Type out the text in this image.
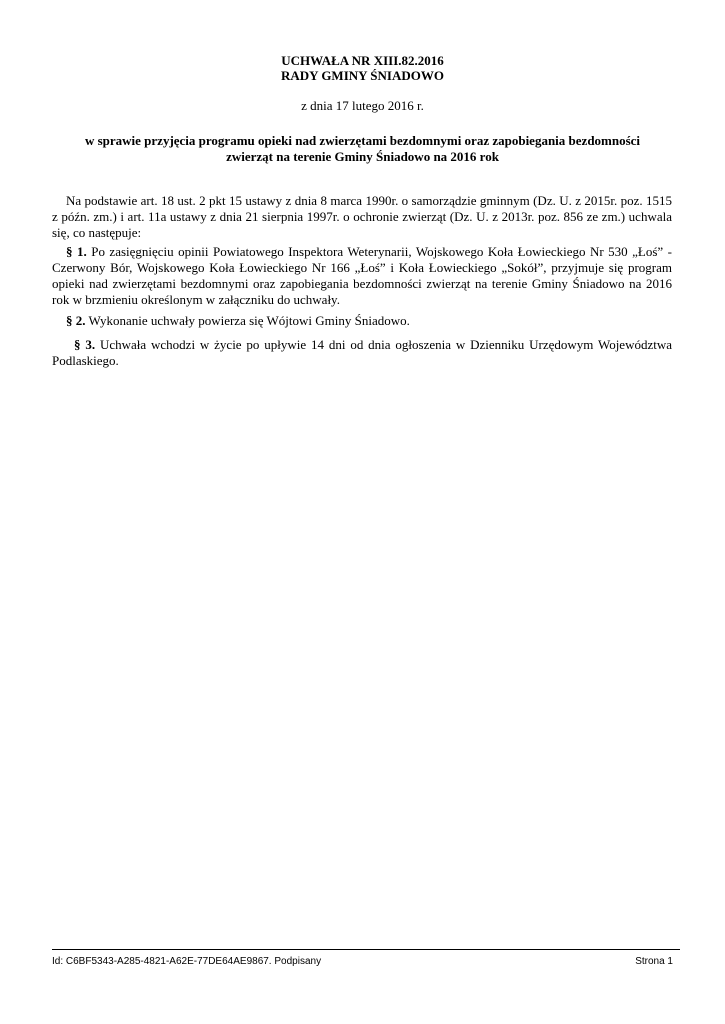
UCHWAŁA NR XIII.82.2016
RADY GMINY ŚNIADOWO
z dnia 17 lutego 2016 r.
w sprawie przyjęcia programu opieki nad zwierzętami bezdomnymi oraz zapobiegania bezdomności zwierząt na terenie Gminy Śniadowo na 2016 rok
Na podstawie art. 18 ust. 2 pkt 15 ustawy z dnia 8 marca 1990r. o samorządzie gminnym (Dz. U. z 2015r. poz. 1515 z późn. zm.) i art. 11a ustawy z dnia 21 sierpnia 1997r. o ochronie zwierząt (Dz. U. z 2013r. poz. 856 ze zm.) uchwala się, co następuje:
§ 1. Po zasięgnięciu opinii Powiatowego Inspektora Weterynarii, Wojskowego Koła Łowieckiego Nr 530 „Łoś” - Czerwony Bór, Wojskowego Koła Łowieckiego Nr 166 „Łoś” i Koła Łowieckiego „Sokół”, przyjmuje się program opieki nad zwierzętami bezdomnymi oraz zapobiegania bezdomności zwierząt na terenie Gminy Śniadowo na 2016 rok w brzmieniu określonym w załączniku do uchwały.
§ 2. Wykonanie uchwały powierza się Wójtowi Gminy Śniadowo.
§ 3. Uchwała wchodzi w życie po upływie 14 dni od dnia ogłoszenia w Dzienniku Urzędowym Województwa Podlaskiego.
Id: C6BF5343-A285-4821-A62E-77DE64AE9867. Podpisany	Strona 1
